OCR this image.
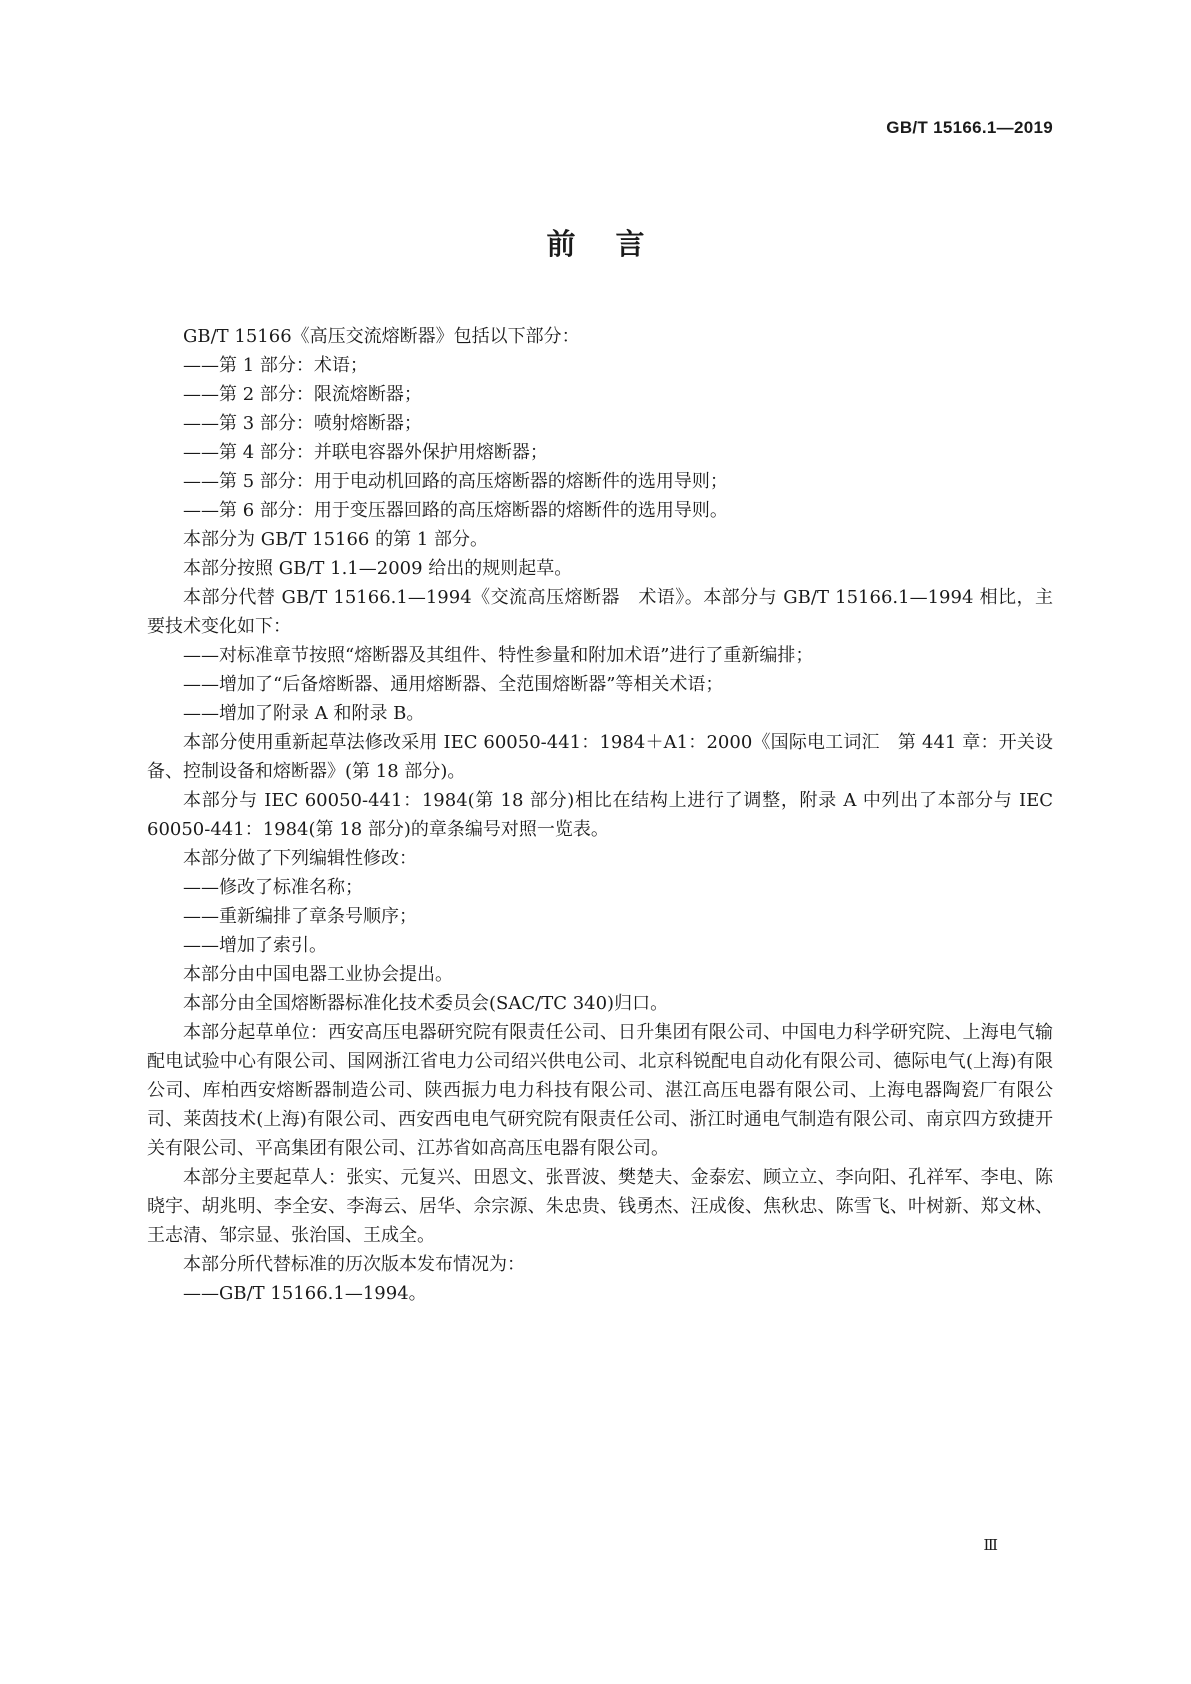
GB/T 15166.1—2019
前言

GB/T 15166《高压交流熔断器》包括以下部分：

——第 1 部分：术语；

——第 2 部分：限流熔断器；

——第 3 部分：喷射熔断器；

——第 4 部分：并联电容器外保护用熔断器；

——第 5 部分：用于电动机回路的高压熔断器的熔断件的选用导则；

——第 6 部分：用于变压器回路的高压熔断器的熔断件的选用导则。

本部分为 GB/T 15166 的第 1 部分。

本部分按照 GB/T 1.1—2009 给出的规则起草。

本部分代替 GB/T 15166.1—1994《交流高压熔断器　术语》。本部分与 GB/T 15166.1—1994 相比，主要技术变化如下：

——对标准章节按照“熔断器及其组件、特性参量和附加术语”进行了重新编排；

——增加了“后备熔断器、通用熔断器、全范围熔断器”等相关术语；

——增加了附录 A 和附录 B。

本部分使用重新起草法修改采用 IEC 60050-441：1984＋A1：2000《国际电工词汇　第 441 章：开关设备、控制设备和熔断器》(第 18 部分)。

本部分与 IEC 60050-441：1984(第 18 部分)相比在结构上进行了调整，附录 A 中列出了本部分与 IEC 60050-441：1984(第 18 部分)的章条编号对照一览表。

本部分做了下列编辑性修改：

——修改了标准名称；

——重新编排了章条号顺序；

——增加了索引。

本部分由中国电器工业协会提出。

本部分由全国熔断器标准化技术委员会(SAC/TC 340)归口。

本部分起草单位：西安高压电器研究院有限责任公司、日升集团有限公司、中国电力科学研究院、上海电气输配电试验中心有限公司、国网浙江省电力公司绍兴供电公司、北京科锐配电自动化有限公司、德际电气(上海)有限公司、库柏西安熔断器制造公司、陕西振力电力科技有限公司、湛江高压电器有限公司、上海电器陶瓷厂有限公司、莱茵技术(上海)有限公司、西安西电电气研究院有限责任公司、浙江时通电气制造有限公司、南京四方致捷开关有限公司、平高集团有限公司、江苏省如高高压电器有限公司。

本部分主要起草人：张实、元复兴、田恩文、张晋波、樊楚夫、金泰宏、顾立立、李向阳、孔祥军、李电、陈晓宇、胡兆明、李全安、李海云、居华、佘宗源、朱忠贵、钱勇杰、汪成俊、焦秋忠、陈雪飞、叶树新、郑文林、王志清、邹宗显、张治国、王成全。

本部分所代替标准的历次版本发布情况为：

——GB/T 15166.1—1994。

Ⅲ
